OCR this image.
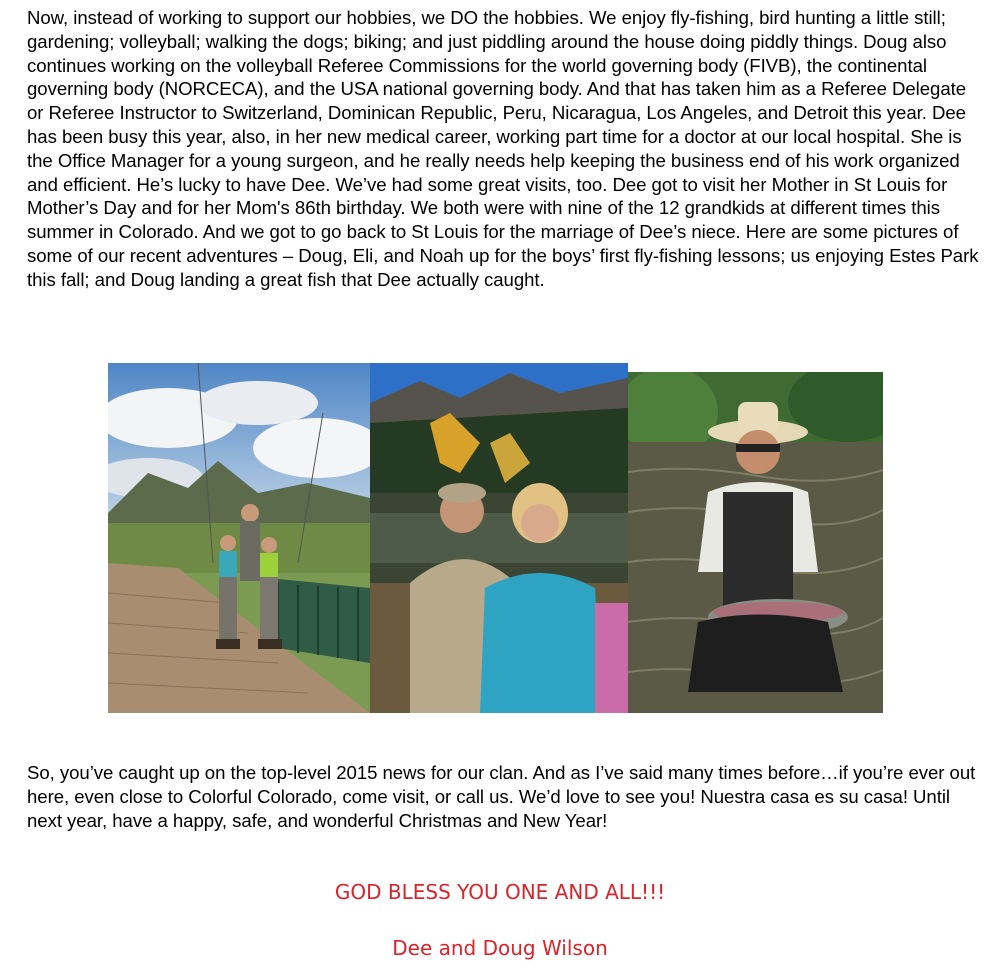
Now, instead of working to support our hobbies, we DO the hobbies. We enjoy fly-fishing, bird hunting a little still; gardening; volleyball; walking the dogs; biking; and just piddling around the house doing piddly things. Doug also continues working on the volleyball Referee Commissions for the world governing body (FIVB), the continental governing body (NORCECA), and the USA national governing body. And that has taken him as a Referee Delegate or Referee Instructor to Switzerland, Dominican Republic, Peru, Nicaragua, Los Angeles, and Detroit this year. Dee has been busy this year, also, in her new medical career, working part time for a doctor at our local hospital. She is the Office Manager for a young surgeon, and he really needs help keeping the business end of his work organized and efficient. He’s lucky to have Dee. We’ve had some great visits, too. Dee got to visit her Mother in St Louis for Mother’s Day and for her Mom's 86th birthday. We both were with nine of the 12 grandkids at different times this summer in Colorado. And we got to go back to St Louis for the marriage of Dee’s niece. Here are some pictures of some of our recent adventures – Doug, Eli, and Noah up for the boys’ first fly-fishing lessons; us enjoying Estes Park this fall; and Doug landing a great fish that Dee actually caught.

So, you’ve caught up on the top-level 2015 news for our clan. And as I’ve said many times before…if you’re ever out here, even close to Colorful Colorado, come visit, or call us. We’d love to see you! Nuestra casa es su casa! Until next year, have a happy, safe, and wonderful Christmas and New Year!

GOD BLESS YOU ONE AND ALL!!!
Dee and Doug Wilson
